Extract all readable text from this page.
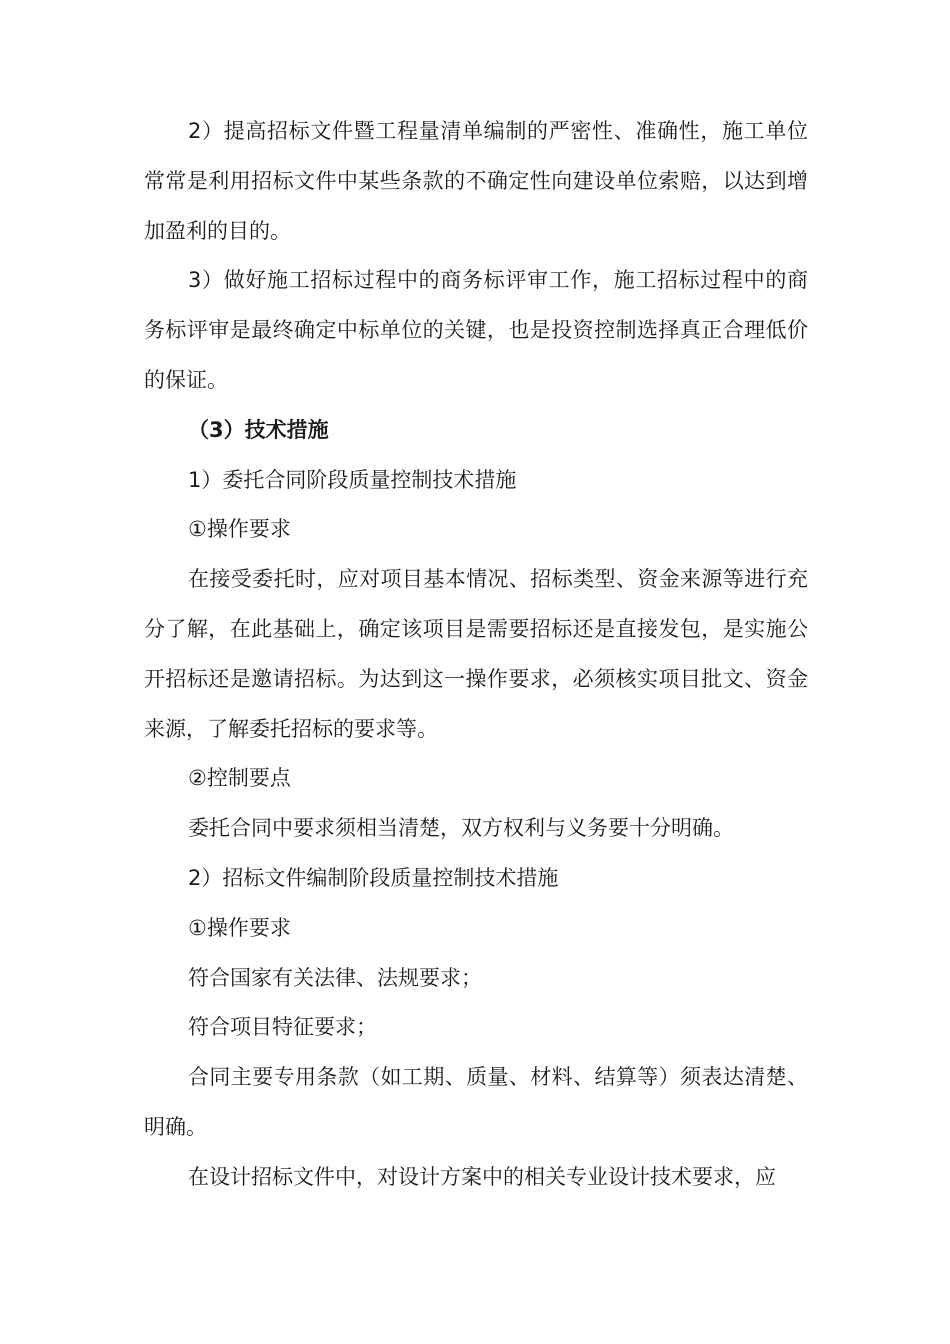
2）提高招标文件暨工程量清单编制的严密性、准确性，施工单位常常是利用招标文件中某些条款的不确定性向建设单位索赔，以达到增加盈利的目的。

3）做好施工招标过程中的商务标评审工作，施工招标过程中的商务标评审是最终确定中标单位的关键，也是投资控制选择真正合理低价的保证。

（3）技术措施

1）委托合同阶段质量控制技术措施

①操作要求

在接受委托时，应对项目基本情况、招标类型、资金来源等进行充分了解，在此基础上，确定该项目是需要招标还是直接发包，是实施公开招标还是邀请招标。为达到这一操作要求，必须核实项目批文、资金来源，了解委托招标的要求等。

②控制要点

委托合同中要求须相当清楚，双方权利与义务要十分明确。

2）招标文件编制阶段质量控制技术措施

①操作要求

符合国家有关法律、法规要求；

符合项目特征要求；

合同主要专用条款（如工期、质量、材料、结算等）须表达清楚、明确。

在设计招标文件中，对设计方案中的相关专业设计技术要求，应
